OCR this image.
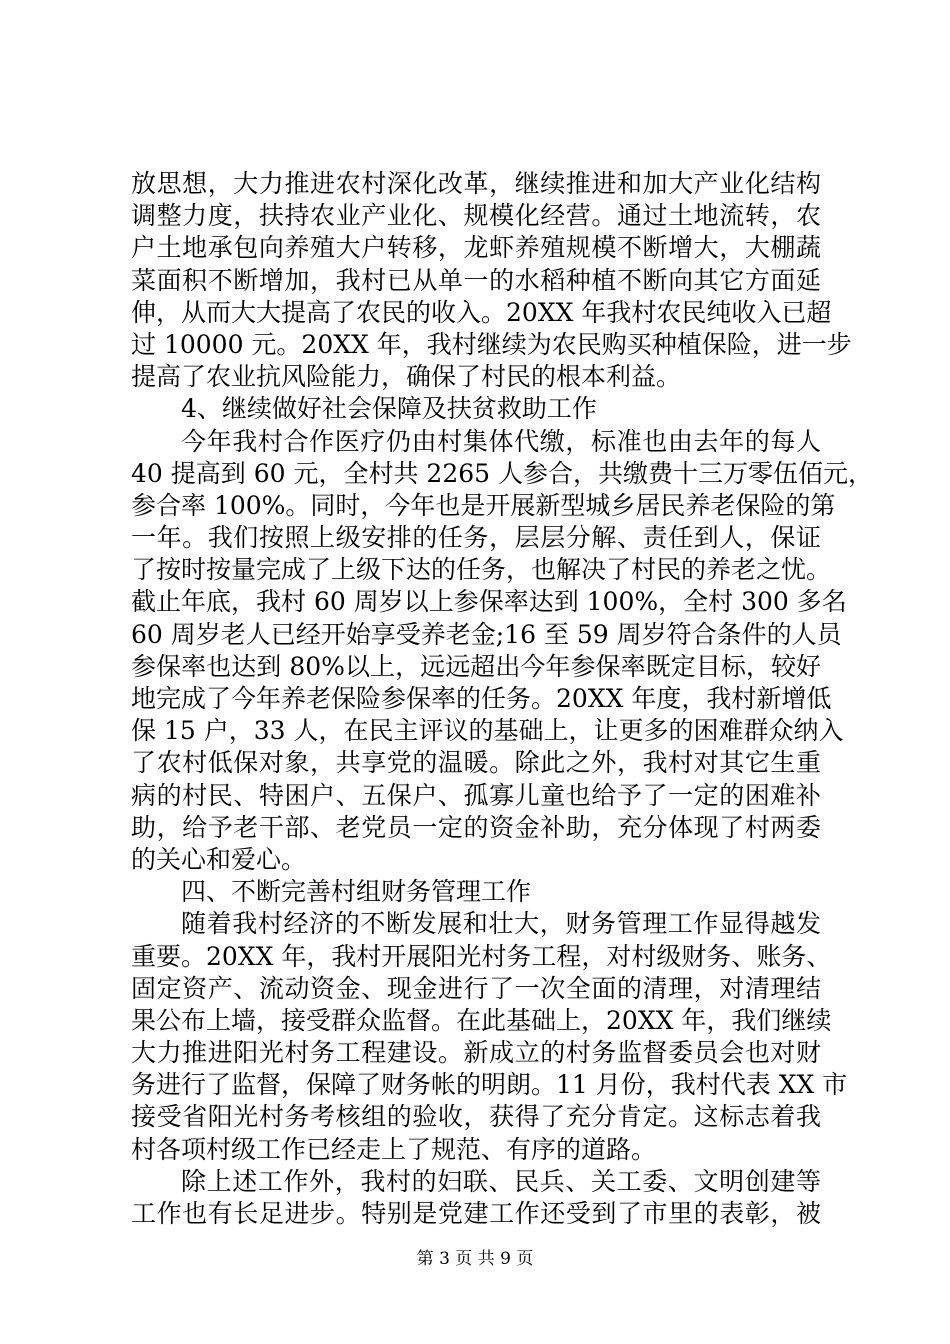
放思想，大力推进农村深化改革，继续推进和加大产业化结构
调整力度，扶持农业产业化、规模化经营。通过土地流转，农
户土地承包向养殖大户转移，龙虾养殖规模不断增大，大棚蔬
菜面积不断增加，我村已从单一的水稻种植不断向其它方面延
伸，从而大大提高了农民的收入。20XX 年我村农民纯收入已超
过 10000 元。20XX 年，我村继续为农民购买种植保险，进一步
提高了农业抗风险能力，确保了村民的根本利益。
4、继续做好社会保障及扶贫救助工作
今年我村合作医疗仍由村集体代缴，标准也由去年的每人
40 提高到 60 元，全村共 2265 人参合，共缴费十三万零伍佰元，
参合率 100%。同时，今年也是开展新型城乡居民养老保险的第
一年。我们按照上级安排的任务，层层分解、责任到人，保证
了按时按量完成了上级下达的任务，也解决了村民的养老之忧。
截止年底，我村 60 周岁以上参保率达到 100%，全村 300 多名
60 周岁老人已经开始享受养老金;16 至 59 周岁符合条件的人员
参保率也达到 80%以上，远远超出今年参保率既定目标，较好
地完成了今年养老保险参保率的任务。20XX 年度，我村新增低
保 15 户，33 人，在民主评议的基础上，让更多的困难群众纳入
了农村低保对象，共享党的温暖。除此之外，我村对其它生重
病的村民、特困户、五保户、孤寡儿童也给予了一定的困难补
助，给予老干部、老党员一定的资金补助，充分体现了村两委
的关心和爱心。
四、不断完善村组财务管理工作
随着我村经济的不断发展和壮大，财务管理工作显得越发
重要。20XX 年，我村开展阳光村务工程，对村级财务、账务、
固定资产、流动资金、现金进行了一次全面的清理，对清理结
果公布上墙，接受群众监督。在此基础上，20XX 年，我们继续
大力推进阳光村务工程建设。新成立的村务监督委员会也对财
务进行了监督，保障了财务帐的明朗。11 月份，我村代表 XX 市
接受省阳光村务考核组的验收，获得了充分肯定。这标志着我
村各项村级工作已经走上了规范、有序的道路。
除上述工作外，我村的妇联、民兵、关工委、文明创建等
工作也有长足进步。特别是党建工作还受到了市里的表彰，被
第 3 页 共 9 页
